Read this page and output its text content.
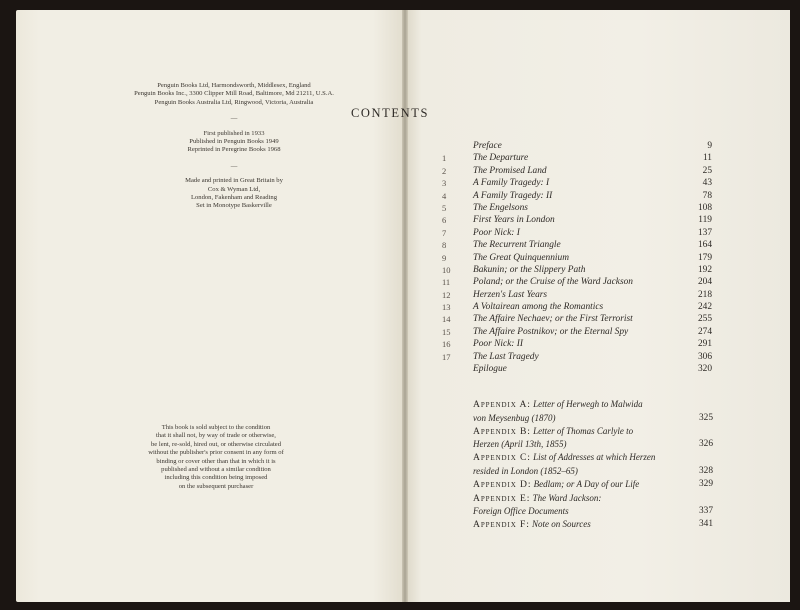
Penguin Books Ltd, Harmondsworth, Middlesex, England
Penguin Books Inc., 3300 Clipper Mill Road, Baltimore, Md 21211, U.S.A.
Penguin Books Australia Ltd, Ringwood, Victoria, Australia
—
First published in 1933
Published in Penguin Books 1949
Reprinted in Peregrine Books 1968
—
Made and printed in Great Britain by
Cox & Wyman Ltd,
London, Fakenham and Reading
Set in Monotype Baskerville
This book is sold subject to the condition
that it shall not, by way of trade or otherwise,
be lent, re-sold, hired out, or otherwise circulated
without the publisher's prior consent in any form of
binding or cover other than that in which it is
published and without a similar condition
including this condition being imposed
on the subsequent purchaser
CONTENTS
Preface	9
1	The Departure	11
2	The Promised Land	25
3	A Family Tragedy: I	43
4	A Family Tragedy: II	78
5	The Engelsons	108
6	First Years in London	119
7	Poor Nick: I	137
8	The Recurrent Triangle	164
9	The Great Quinquennium	179
10	Bakunin; or the Slippery Path	192
11	Poland; or the Cruise of the Ward Jackson	204
12	Herzen's Last Years	218
13	A Voltairean among the Romantics	242
14	The Affaire Nechaev; or the First Terrorist	255
15	The Affaire Postnikov; or the Eternal Spy	274
16	Poor Nick: II	291
17	The Last Tragedy	306
Epilogue	320
Appendix A: Letter of Herwegh to Malwida
von Meysenbug (1870)	325
Appendix B: Letter of Thomas Carlyle to
Herzen (April 13th, 1855)	326
Appendix C: List of Addresses at which Herzen
resided in London (1852–65)	328
Appendix D: Bedlam; or A Day of our Life	329
Appendix E: The Ward Jackson:
Foreign Office Documents	337
Appendix F: Note on Sources	341
